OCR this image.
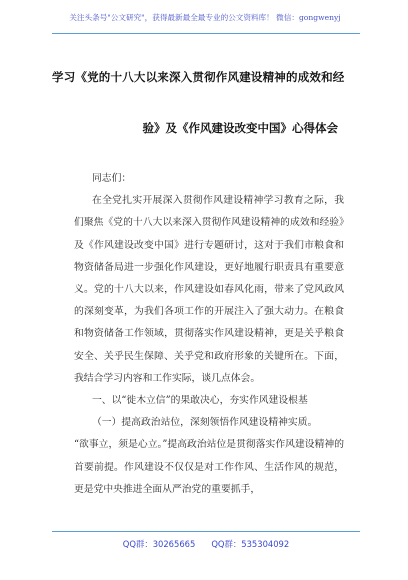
关注头条号"公文研究"，获得最新最全最专业的公文资料库！ 微信：gongwenyj
学习《党的十八大以来深入贯彻作风建设精神的成效和经
验》及《作风建设改变中国》心得体会

同志们：

在全党扎实开展深入贯彻作风建设精神学习教育之际，我们聚焦《党的十八大以来深入贯彻作风建设精神的成效和经验》及《作风建设改变中国》进行专题研讨，这对于我们市粮食和物资储备局进一步强化作风建设，更好地履行职责具有重要意义。党的十八大以来，作风建设如春风化雨，带来了党风政风的深刻变革，为我们各项工作的开展注入了强大动力。在粮食和物资储备工作领域，贯彻落实作风建设精神，更是关乎粮食安全、关乎民生保障、关乎党和政府形象的关键所在。下面，我结合学习内容和工作实际，谈几点体会。

一、以“徙木立信”的果敢决心，夯实作风建设根基

（一）提高政治站位，深刻领悟作风建设精神实质。

“欲事立，须是心立。”提高政治站位是贯彻落实作风建设精神的首要前提。作风建设不仅仅是对工作作风、生活作风的规范，更是党中央推进全面从严治党的重要抓手，

QQ群：30265665 QQ群：535304092
